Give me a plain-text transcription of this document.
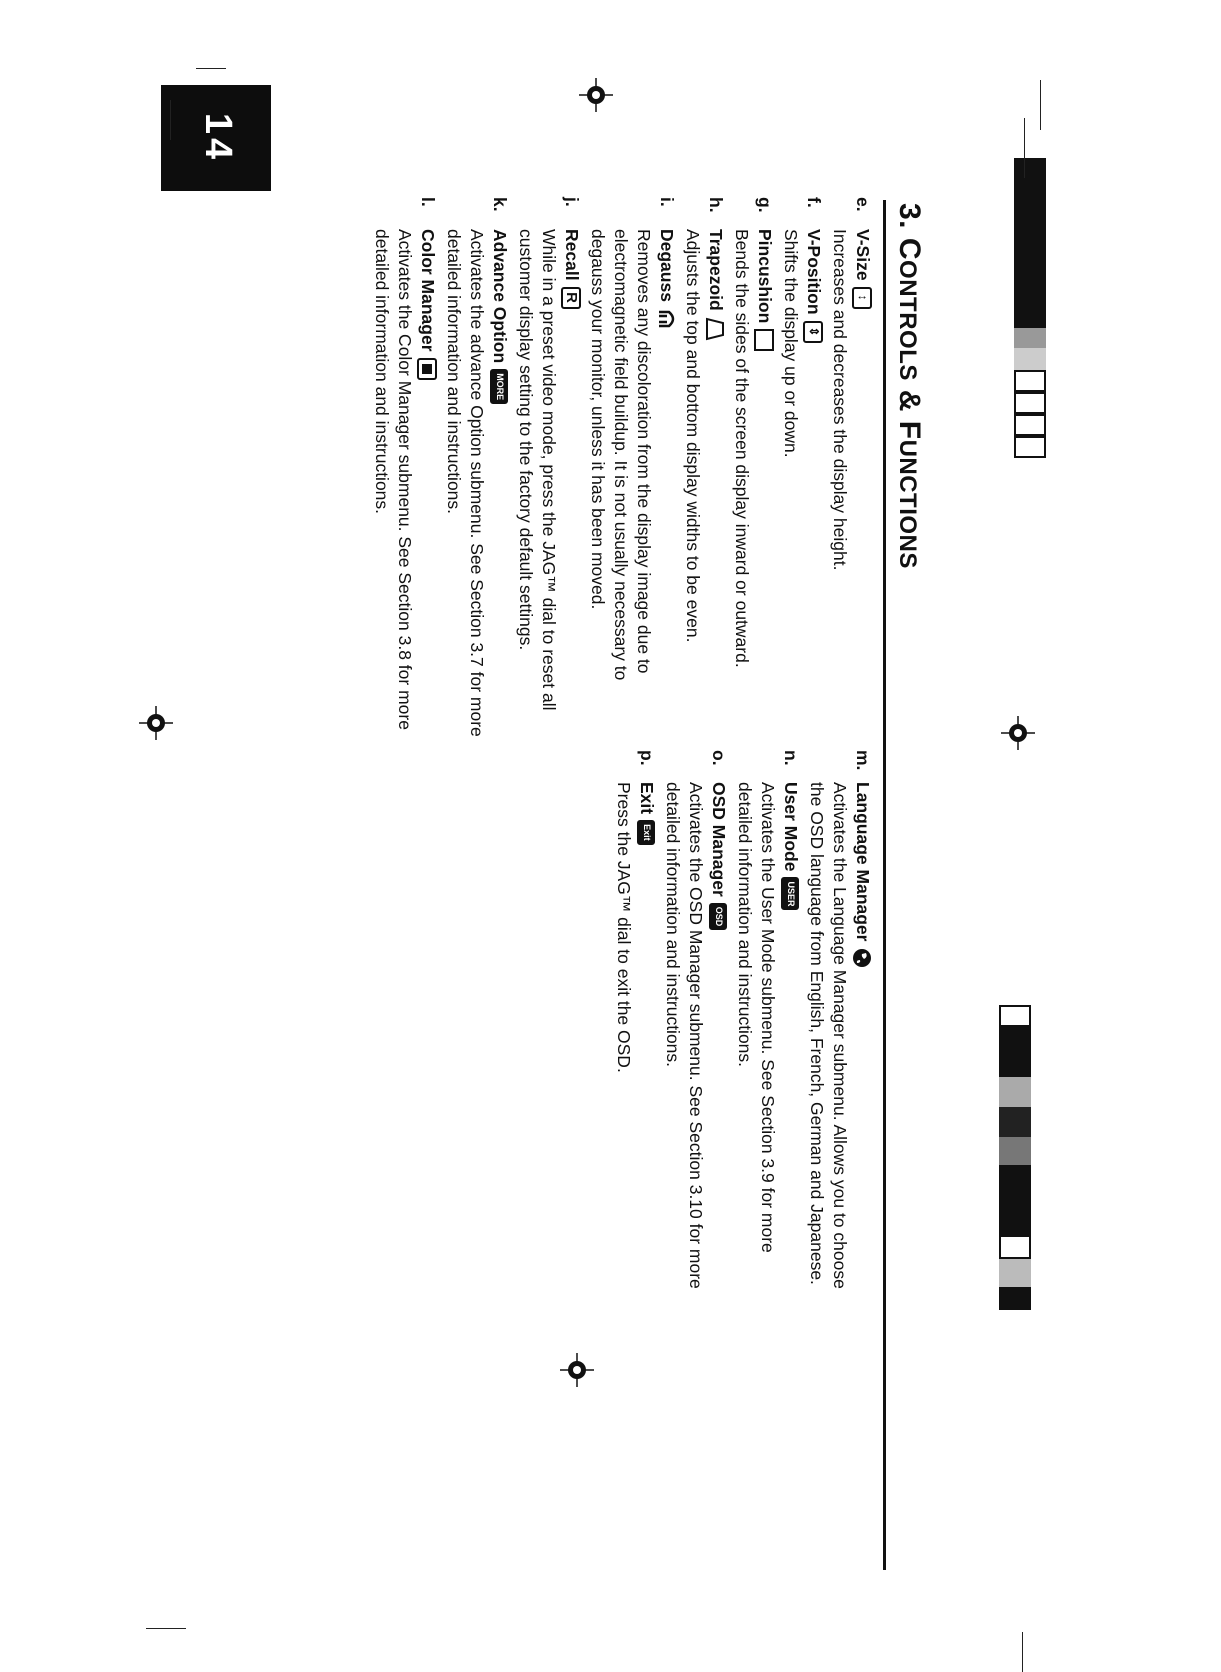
14
3. CONTROLS & FUNCTIONS
e.
V-Size
↕
Increases and decreases the display height.
f.
V-Position
⇕
Shifts the display up or down.
g.
Pincushion
Bends the sides of the screen display inward or outward.
h.
Trapezoid
Adjusts the top and bottom display widths to be even.
i.
Degauss
Removes any discoloration from the display image due to electromagnetic field buildup. It is not usually necessary to degauss your monitor, unless it has been moved.
j.
Recall
R
While in a preset video mode, press the JAG™ dial to reset all customer display setting to the factory default settings.
k.
Advance Option
MORE
Activates the advance Option submenu. See Section 3.7 for more detailed information and instructions.
l.
Color Manager
Activates the Color Manager submenu. See Section 3.8 for more detailed information and instructions.
m.
Language Manager
Activates the Language Manager submenu. Allows you to choose the OSD language from English, French, German and Japanese.
n.
User Mode
USER
Activates the User Mode submenu. See Section 3.9 for more detailed information and instructions.
o.
OSD Manager
OSD
Activates the OSD Manager submenu. See Section 3.10 for more detailed information and instructions.
p.
Exit
Exit
Press the JAG™ dial to exit the OSD.
